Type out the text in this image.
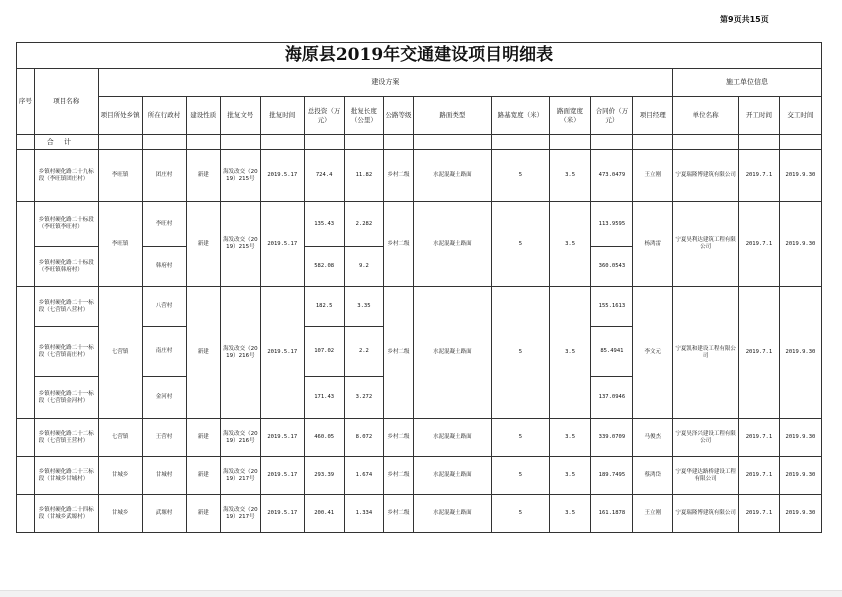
第9页共15页
海原县2019年交通建设项目明细表																	
序号	项目名称	建设方案													施工单位信息		
		项目所处乡镇	所在行政村	建设性质	批复文号	批复时间	总投资（万元）	批复长度（公里）	公路等级	路面类型	路基宽度（米）	路面宽度（米）	合同价（万元）	项目经理	单位名称	开工时间	交工时间
	合 计																
	乡镇村硬化路二十九标段（李旺镇团庄村）	李旺镇	团庄村	新建	海发改交（2019）215号	2019.5.17	724.4	11.82	乡村二级	水泥混凝土路面	5	3.5	473.0479	王立刚	宁夏瑞隆博建筑有限公司	2019.7.1	2019.9.30
	乡镇村硬化路二十标段（李旺镇李旺村）	李旺镇	李旺村	新建	海发改交（2019）215号	2019.5.17	135.43	2.282	乡村二级	水泥混凝土路面	5	3.5	113.9595	杨鸿雷	宁夏昊利达建筑工程有限公司	2019.7.1	2019.9.30
	乡镇村硬化路二十标段（李旺镇韩府村）		韩府村				582.08	9.2					360.0543				
	乡镇村硬化路二十一标段（七营镇八营村）	七营镇	八营村	新建	海发改交（2019）216号	2019.5.17	182.5	3.35	乡村二级	水泥混凝土路面	5	3.5	155.1613	李文元	宁夏凯和建设工程有限公司	2019.7.1	2019.9.30
	乡镇村硬化路二十一标段（七营镇南庄村）		南庄村				107.02	2.2					85.4941				
	乡镇村硬化路二十一标段（七营镇金河村）		金河村				171.43	3.272					137.0946				
	乡镇村硬化路二十二标段（七营镇王营村）	七营镇	王营村	新建	海发改交（2019）216号	2019.5.17	460.05	8.072	乡村二级	水泥混凝土路面	5	3.5	339.0709	马俊杰	宁夏昊泽兴建设工程有限公司	2019.7.1	2019.9.30
	乡镇村硬化路二十三标段（甘城乡甘城村）	甘城乡	甘城村	新建	海发改交（2019）217号	2019.5.17	293.39	1.674	乡村二级	水泥混凝土路面	5	3.5	189.7495	蔡鸿岱	宁夏华建达路桥建设工程有限公司	2019.7.1	2019.9.30
	乡镇村硬化路二十四标段（甘城乡武塬村）	甘城乡	武塬村	新建	海发改交（2019）217号	2019.5.17	200.41	1.334	乡村二级	水泥混凝土路面	5	3.5	161.1878	王立刚	宁夏瑞隆博建筑有限公司	2019.7.1	2019.9.30
